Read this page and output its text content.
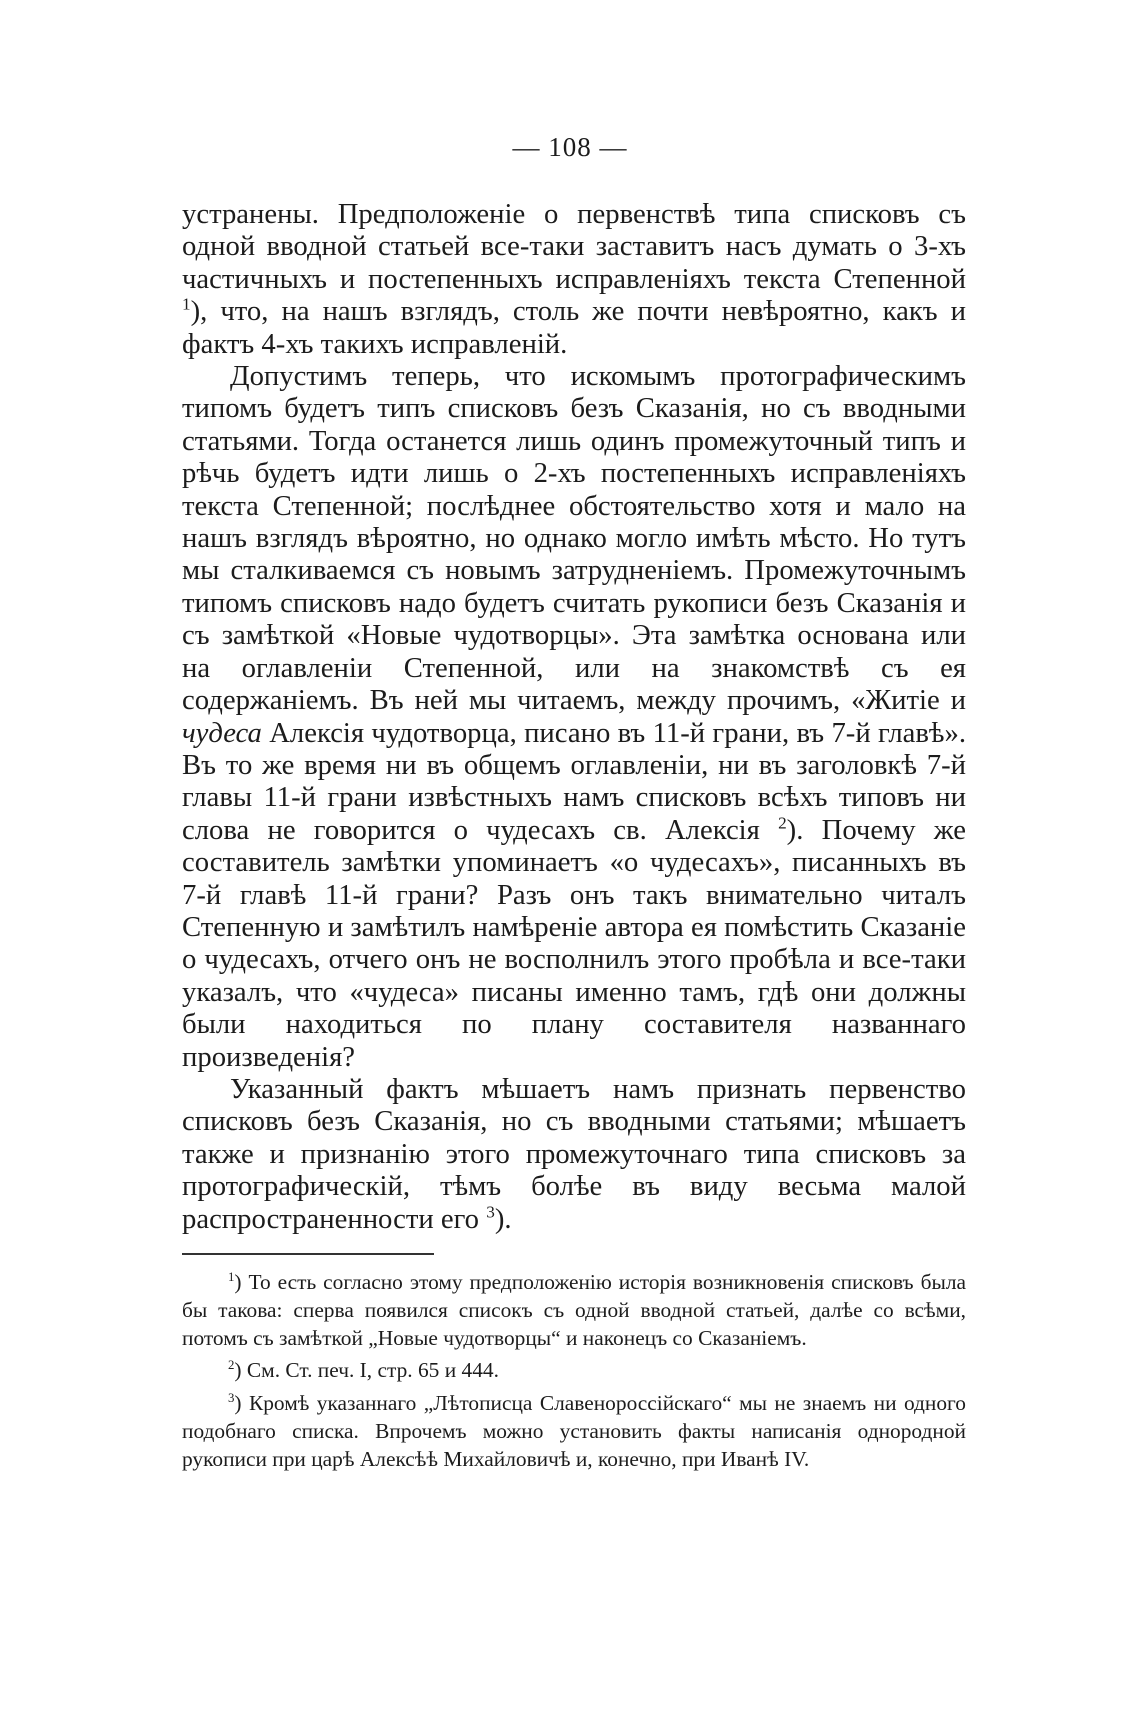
— 108 —

устранены. Предположеніе о первенствѣ типа списковъ съ одной вводной статьей все-таки заставитъ насъ думать о 3-хъ частичныхъ и постепенныхъ исправленіяхъ текста Степенной $^1$), что, на нашъ взглядъ, столь же почти невѣроятно, какъ и фактъ 4-хъ такихъ исправленій.

Допустимъ теперь, что искомымъ протографическимъ типомъ будетъ типъ списковъ безъ Сказанія, но съ вводными статьями. Тогда останется лишь одинъ промежуточный типъ и рѣчь будетъ идти лишь о 2-хъ постепенныхъ исправленіяхъ текста Степенной; послѣднее обстоятельство хотя и мало на нашъ взглядъ вѣроятно, но однако могло имѣть мѣсто. Но тутъ мы сталкиваемся съ новымъ затрудненіемъ. Промежуточнымъ типомъ списковъ надо будетъ считать рукописи безъ Сказанія и съ замѣткой «Новые чудотворцы». Эта замѣтка основана или на оглавленіи Степенной, или на знакомствѣ съ ея содержаніемъ. Въ ней мы читаемъ, между прочимъ, «Житіе и чудеса Алексія чудотворца, писано въ 11-й грани, въ 7-й главѣ». Въ то же время ни въ общемъ оглавленіи, ни въ заголовкѣ 7-й главы 11-й грани извѣстныхъ намъ списковъ всѣхъ типовъ ни слова не говорится о чудесахъ св. Алексія $^2$). Почему же составитель замѣтки упоминаетъ «о чудесахъ», писанныхъ въ 7-й главѣ 11-й грани? Разъ онъ такъ внимательно читалъ Степенную и замѣтилъ намѣреніе автора ея помѣстить Сказаніе о чудесахъ, отчего онъ не восполнилъ этого пробѣла и все-таки указалъ, что «чудеса» писаны именно тамъ, гдѣ они должны были находиться по плану составителя названнаго произведенія?

Указанный фактъ мѣшаетъ намъ признать первенство списковъ безъ Сказанія, но съ вводными статьями; мѣшаетъ также и признанію этого промежуточнаго типа списковъ за протографическій, тѣмъ болѣе въ виду весьма малой распространенности его $^3$).

$^1$) То есть согласно этому предположенію исторія возникновенія списковъ была бы такова: сперва появился списокъ съ одной вводной статьей, далѣе со всѣми, потомъ съ замѣткой „Новые чудотворцы“ и наконецъ со Сказаніемъ.

$^2$) См. Ст. печ. I, стр. 65 и 444.

$^3$) Кромѣ указаннаго „Лѣтописца Славенороссійскаго“ мы не знаемъ ни одного подобнаго списка. Впрочемъ можно установить факты написанія однородной рукописи при царѣ Алексѣѣ Михайловичѣ и, конечно, при Иванѣ IV.
